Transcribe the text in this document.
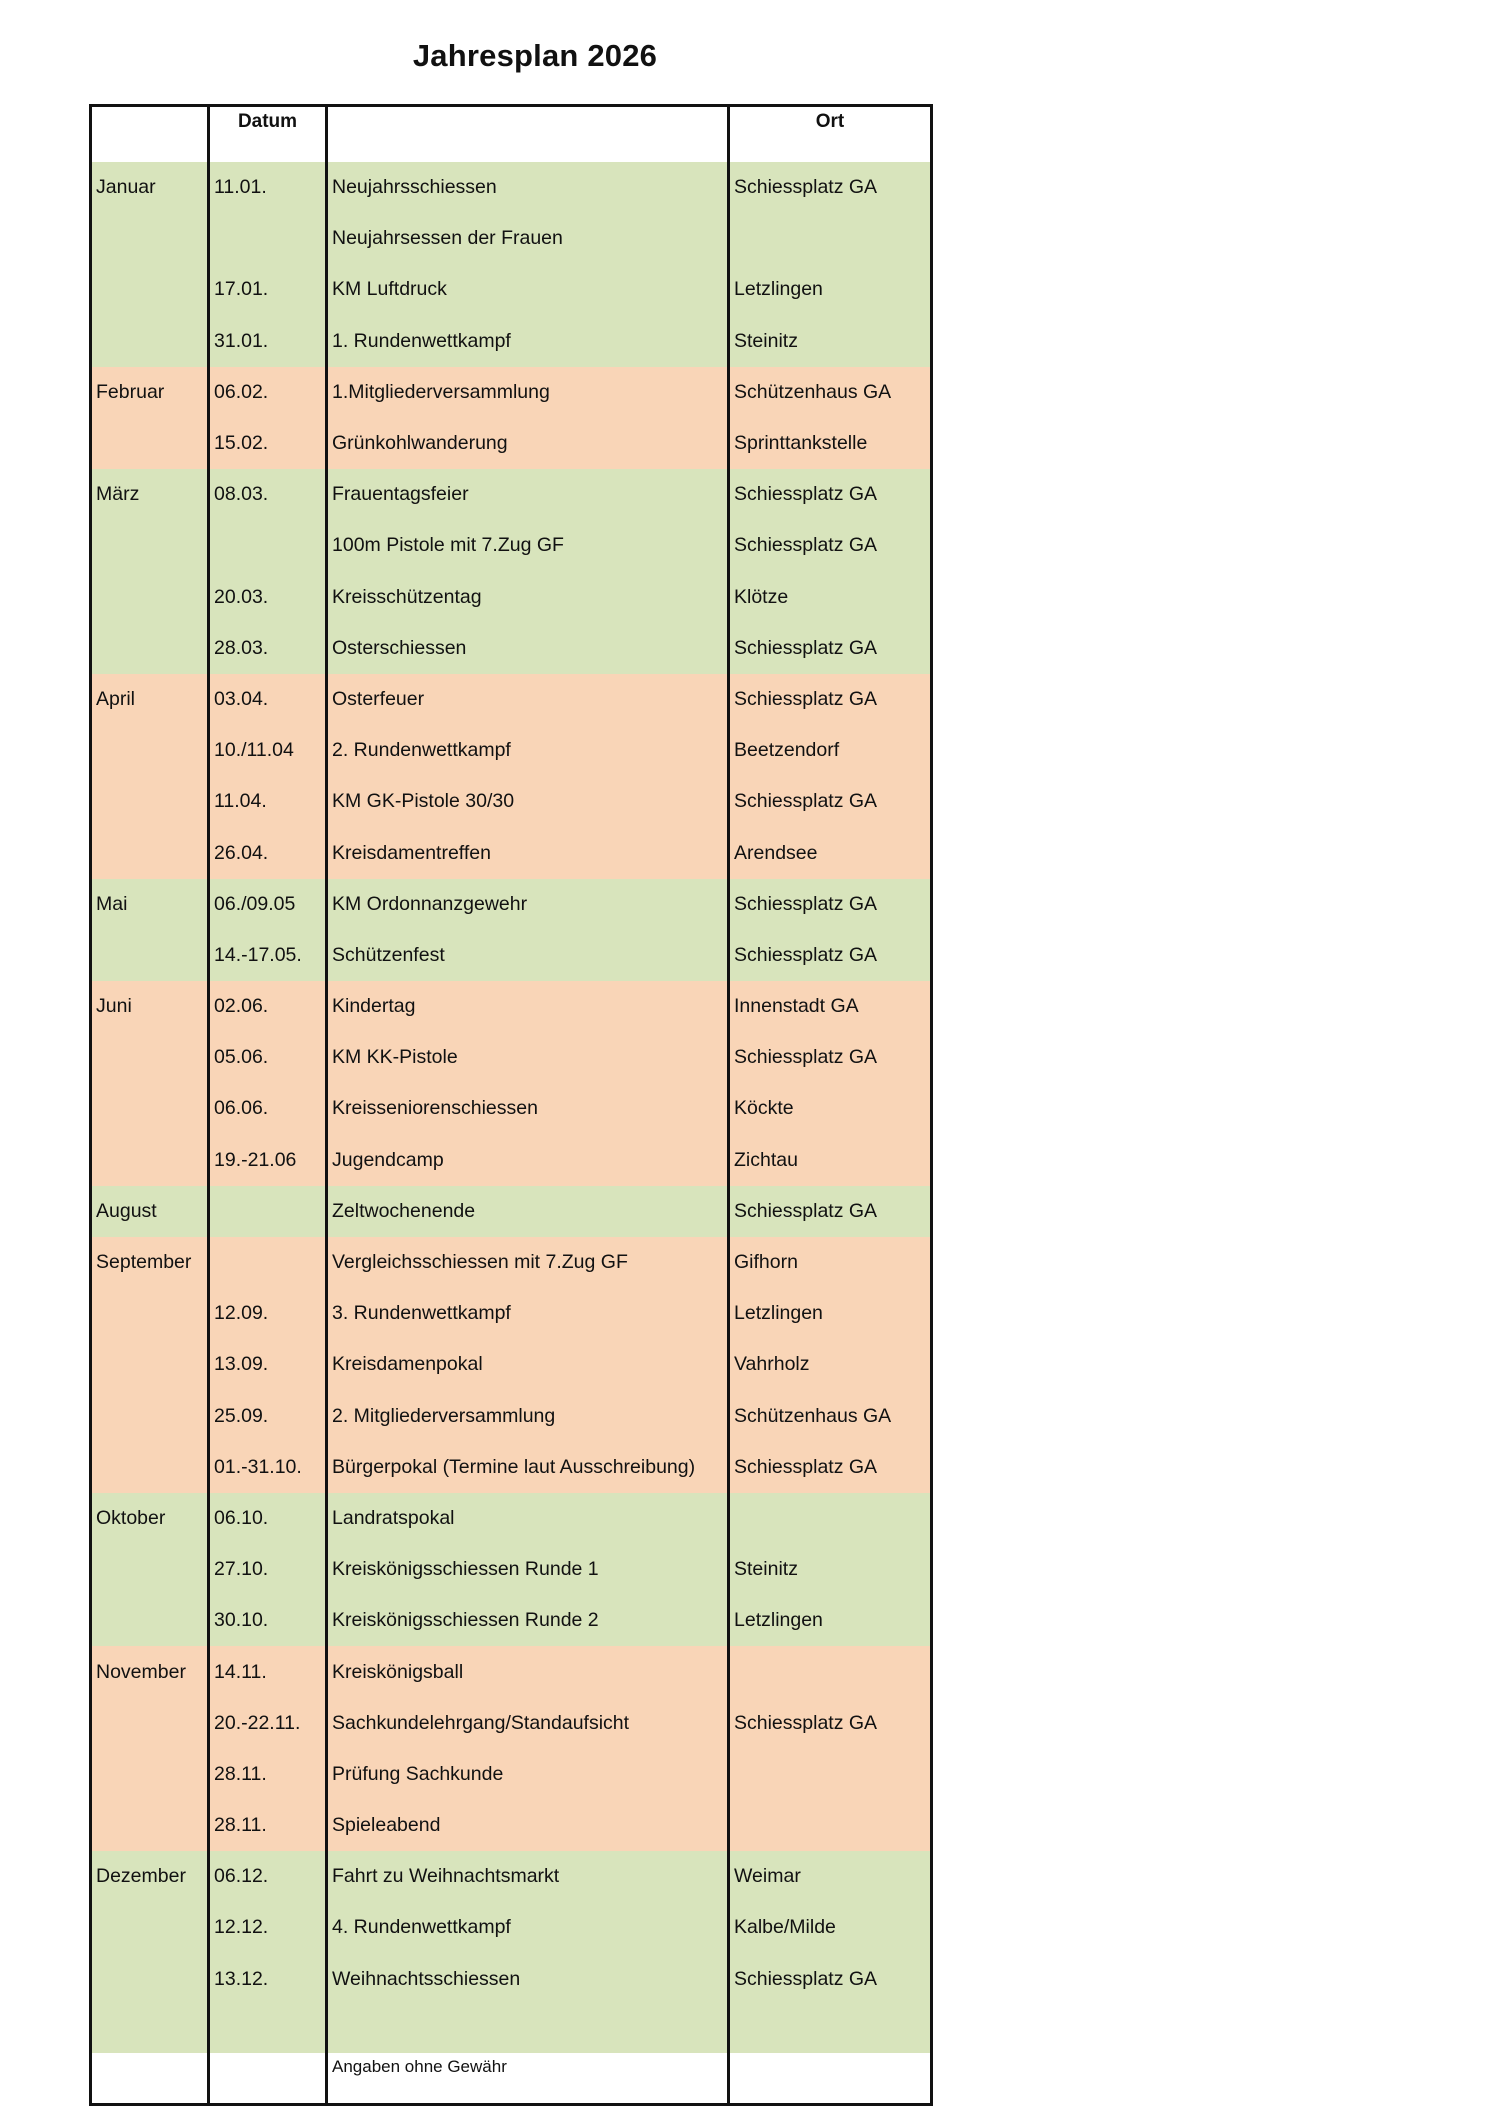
Jahresplan 2026
	Datum		Ort
Januar	11.01.	Neujahrsschiessen	Schiessplatz GA
		Neujahrsessen der Frauen	
	17.01.	KM Luftdruck	Letzlingen
	31.01.	1. Rundenwettkampf	Steinitz
Februar	06.02.	1.Mitgliederversammlung	Schützenhaus GA
	15.02.	Grünkohlwanderung	Sprinttankstelle
März	08.03.	Frauentagsfeier	Schiessplatz GA
		100m Pistole mit 7.Zug GF	Schiessplatz GA
	20.03.	Kreisschützentag	Klötze
	28.03.	Osterschiessen	Schiessplatz GA
April	03.04.	Osterfeuer	Schiessplatz GA
	10./11.04	2. Rundenwettkampf	Beetzendorf
	11.04.	KM GK-Pistole 30/30	Schiessplatz GA
	26.04.	Kreisdamentreffen	Arendsee
Mai	06./09.05	KM Ordonnanzgewehr	Schiessplatz GA
	14.-17.05.	Schützenfest	Schiessplatz GA
Juni	02.06.	Kindertag	Innenstadt GA
	05.06.	KM KK-Pistole	Schiessplatz GA
	06.06.	Kreisseniorenschiessen	Köckte
	19.-21.06	Jugendcamp	Zichtau
August		Zeltwochenende	Schiessplatz GA
September		Vergleichsschiessen mit 7.Zug GF	Gifhorn
	12.09.	3. Rundenwettkampf	Letzlingen
	13.09.	Kreisdamenpokal	Vahrholz
	25.09.	2. Mitgliederversammlung	Schützenhaus GA
	01.-31.10.	Bürgerpokal (Termine laut Ausschreibung)	Schiessplatz GA
Oktober	06.10.	Landratspokal	
	27.10.	Kreiskönigsschiessen Runde 1	Steinitz
	30.10.	Kreiskönigsschiessen Runde 2	Letzlingen
November	14.11.	Kreiskönigsball	
	20.-22.11.	Sachkundelehrgang/Standaufsicht	Schiessplatz GA
	28.11.	Prüfung Sachkunde	
	28.11.	Spieleabend	
Dezember	06.12.	Fahrt zu Weihnachtsmarkt	Weimar
	12.12.	4. Rundenwettkampf	Kalbe/Milde
	13.12.	Weihnachtsschiessen	Schiessplatz GA

		Angaben ohne Gewähr	
